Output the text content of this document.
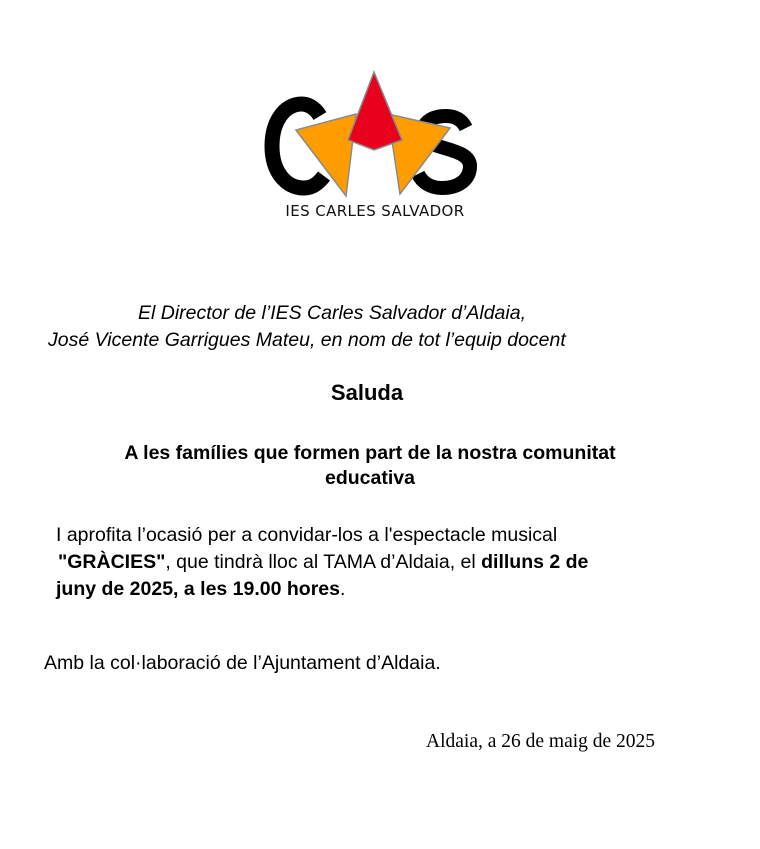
IES CARLES SALVADOR
El Director de l’IES Carles Salvador d’Aldaia,
José Vicente Garrigues Mateu, en nom de tot l’equip docent
Saluda
A les famílies que formen part de la nostra comunitat
educativa
I aprofita l’ocasió per a convidar-los a l'espectacle musical
"GRÀCIES", que tindrà lloc al TAMA d’Aldaia, el dilluns 2 de
juny de 2025, a les 19.00 hores.
Amb la col·laboració de l’Ajuntament d’Aldaia.
Aldaia, a 26 de maig de 2025
